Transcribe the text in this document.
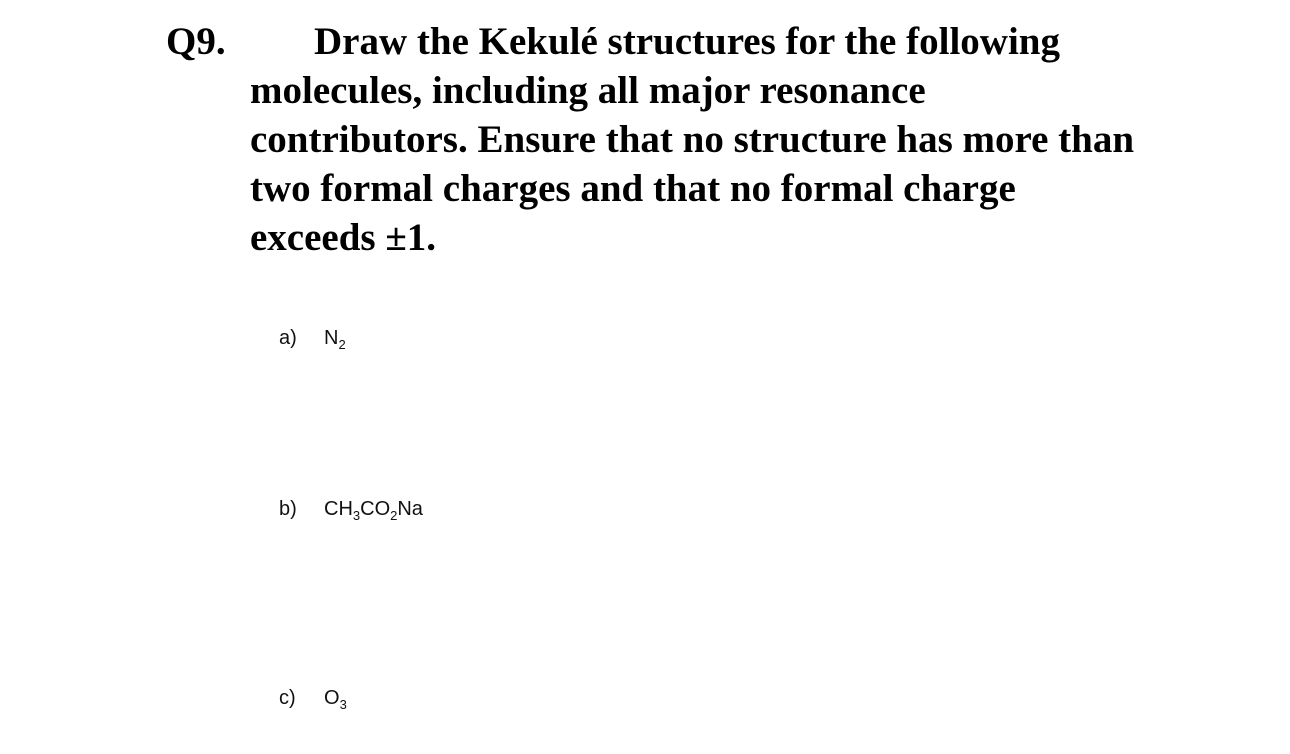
Q9.	Draw the Kekulé structures for the following
molecules, including all major resonance
contributors. Ensure that no structure has more than
two formal charges and that no formal charge
exceeds ±1.
a) $N_2$
b) $CH_3CO_2Na$
c) $O_3$
